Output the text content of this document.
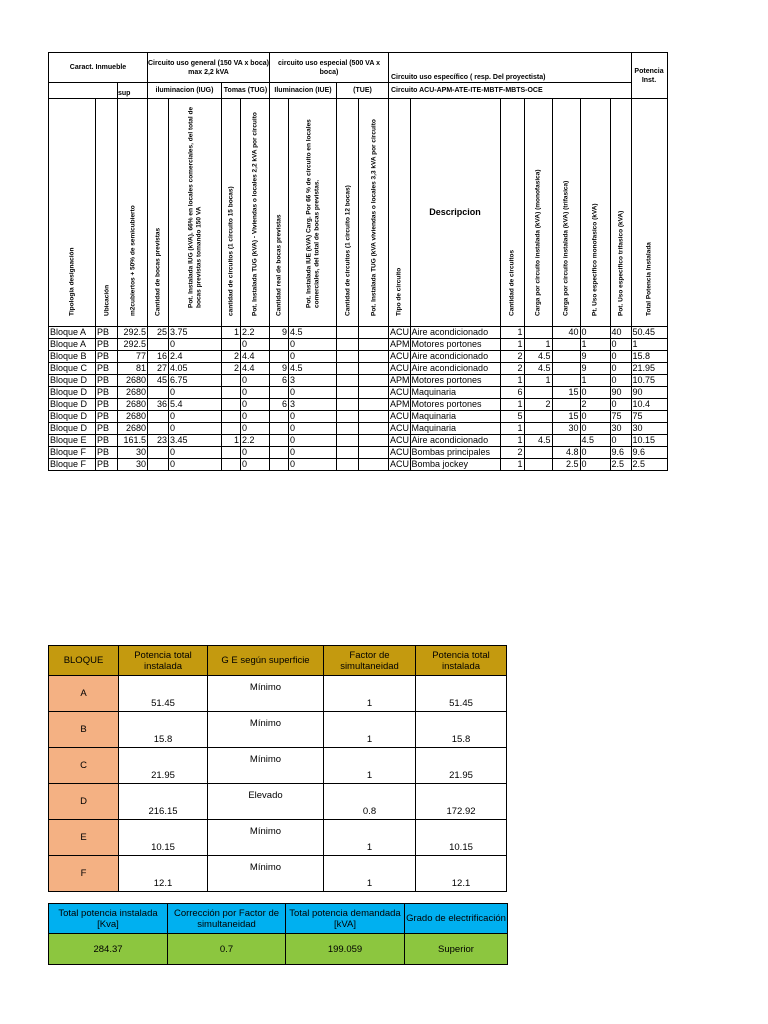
Caract. Inmueble			Circuito uso general (150 VA x boca) max 2,2 kVA				circuito uso especial (500 VA x boca)				Circuito uso específico ( resp. Del proyectista)							Potencia Inst.
		sup	iluminacion (IUG)		Tomas (TUG)		Iluminacion (IUE)		(TUE)		Circuito ACU-APM-ATE-ITE-MBTF-MBTS-OCE							

Tipología designación	Ubicación	m2cubiertos + 50% de semicubierto	Cantidad de bocas previstas	Pot. Instalada IUG (kVA). 66% en locales comerciales, del total de bocas previstas tomando 150 VA	cantidad de circuitos (1 circuito 15 bocas)	Pot. Instalada TUG (kVA) - Viviendas o locales 2,2 kVA por circuito	Cantidad real de bocas previstas	Pot. Instalada IUE (kVA) Carg. Por 66 % de circuito en locales comerciales, del total de bocas previstas.	Cantidad de circuitos (1 circuito 12 bocas)	Pot. Instalada TUG (kVA viviendas o locales 3,3 kVA por circuito	Tipo de circuito	Descripcion	Cantidad de circuitos	Carga por circuito instalada (kVA) (monofasica)	Carga por circuito instalada (kVA) (trifasica)	Pt. Uso especifico monofasico (kVA)	Pot. Uso especifico trifasico (kVA)	Total Potencia Instalada

Bloque A	PB	292.5	25	3.75	1	2.2	9	4.5			ACU	Aire acondicionado	1		40	0	40	50.45
Bloque A	PB	292.5		0		0		0			APM	Motores portones	1	1		1	0	1
Bloque B	PB	77	16	2.4	2	4.4		0			ACU	Aire acondicionado	2	4.5		9	0	15.8
Bloque C	PB	81	27	4.05	2	4.4	9	4.5			ACU	Aire acondicionado	2	4.5		9	0	21.95
Bloque D	PB	2680	45	6.75		0	6	3			APM	Motores portones	1	1		1	0	10.75
Bloque D	PB	2680		0		0		0			ACU	Maquinaria	6		15	0	90	90
Bloque D	PB	2680	36	5.4		0	6	3			APM	Motores portones	1	2		2	0	10.4
Bloque D	PB	2680		0		0		0			ACU	Maquinaria	5		15	0	75	75
Bloque D	PB	2680		0		0		0			ACU	Maquinaria	1		30	0	30	30
Bloque E	PB	161.5	23	3.45	1	2.2		0			ACU	Aire acondicionado	1	4.5		4.5	0	10.15
Bloque F	PB	30		0		0		0			ACU	Bombas principales	2		4.8	0	9.6	9.6
Bloque F	PB	30		0		0		0			ACU	Bomba jockey	1		2.5	0	2.5	2.5
BLOQUE	Potencia total instalada	G E según superficie	Factor de simultaneidad	Potencia total instalada
A	51.45	Mínimo	1	51.45
B	15.8	Mínimo	1	15.8
C	21.95	Mínimo	1	21.95
D	216.15	Elevado	0.8	172.92
E	10.15	Mínimo	1	10.15
F	12.1	Mínimo	1	12.1
Total potencia instalada [Kva]	Corrección por Factor de simultaneidad	Total potencia demandada [kVA]	Grado de electrificación
284.37	0.7	199.059	Superior
